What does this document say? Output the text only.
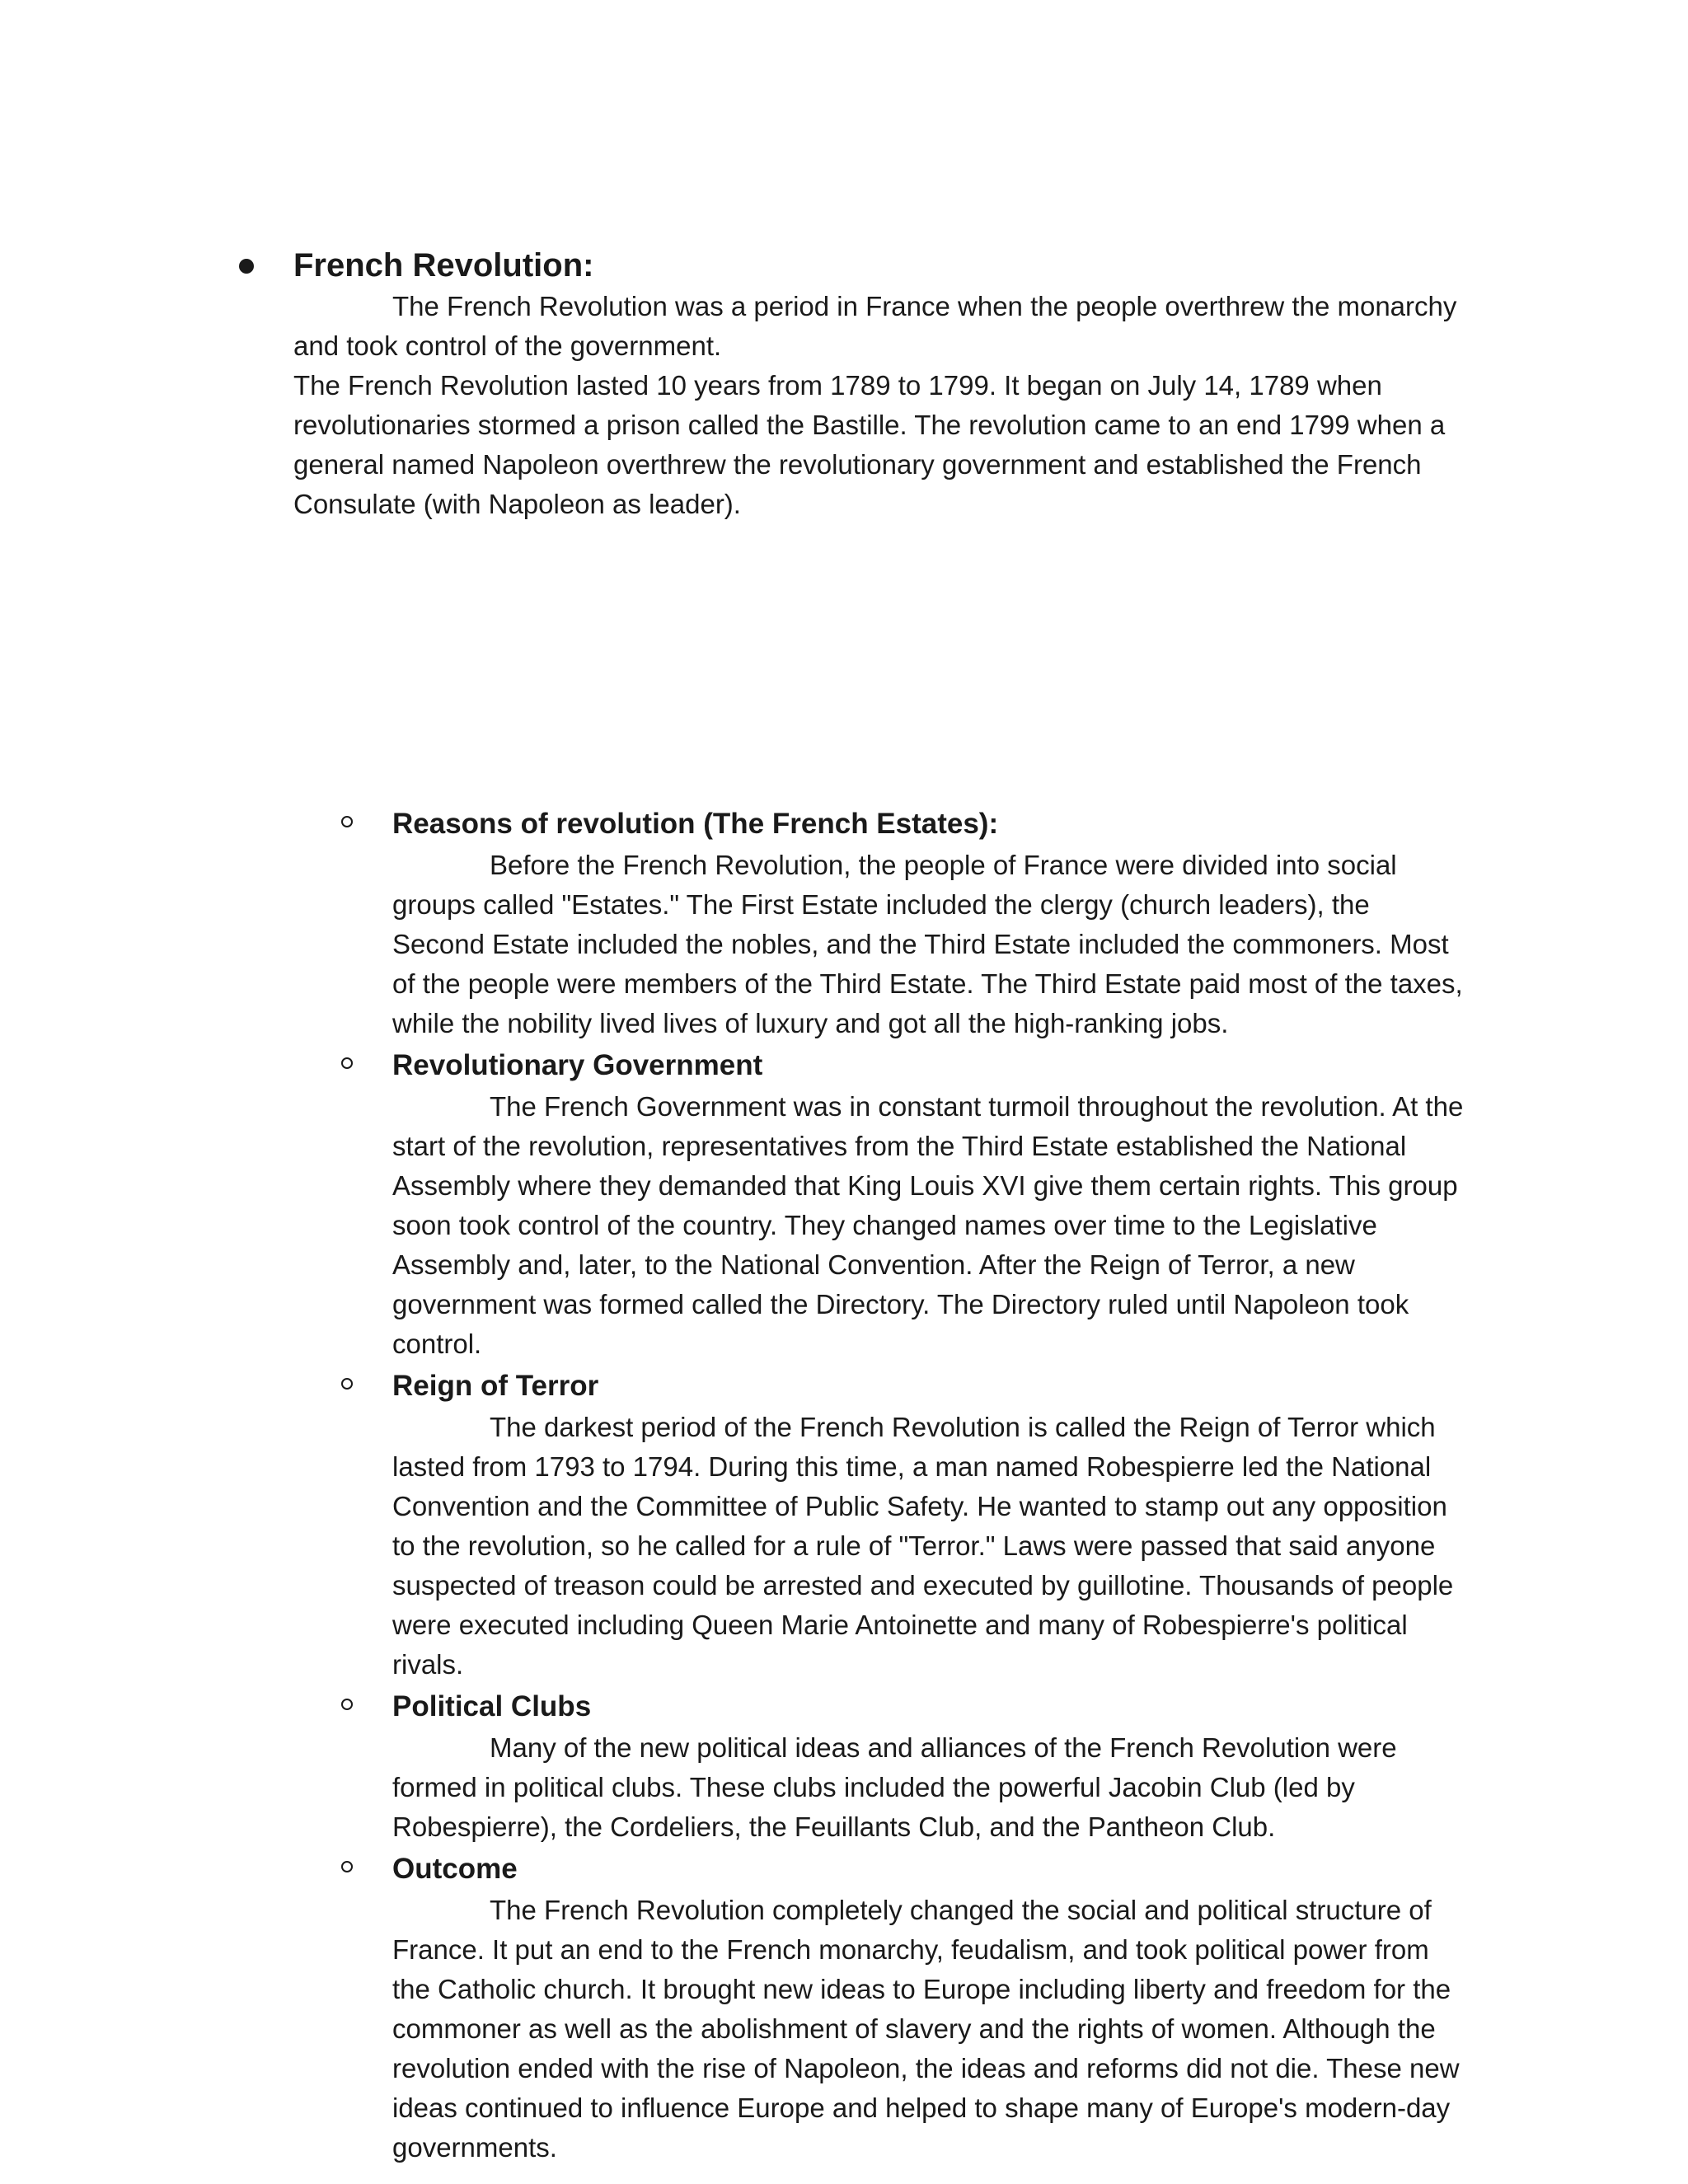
French Revolution:

The French Revolution was a period in France when the people overthrew the monarchy and took control of the government.

The French Revolution lasted 10 years from 1789 to 1799. It began on July 14, 1789 when revolutionaries stormed a prison called the Bastille. The revolution came to an end 1799 when a general named Napoleon overthrew the revolutionary government and established the French Consulate (with Napoleon as leader).

Reasons of revolution (The French Estates):

Before the French Revolution, the people of France were divided into social groups called "Estates." The First Estate included the clergy (church leaders), the Second Estate included the nobles, and the Third Estate included the commoners. Most of the people were members of the Third Estate. The Third Estate paid most of the taxes, while the nobility lived lives of luxury and got all the high-ranking jobs.

Revolutionary Government

The French Government was in constant turmoil throughout the revolution. At the start of the revolution, representatives from the Third Estate established the National Assembly where they demanded that King Louis XVI give them certain rights. This group soon took control of the country. They changed names over time to the Legislative Assembly and, later, to the National Convention. After the Reign of Terror, a new government was formed called the Directory. The Directory ruled until Napoleon took control.

Reign of Terror

The darkest period of the French Revolution is called the Reign of Terror which lasted from 1793 to 1794. During this time, a man named Robespierre led the National Convention and the Committee of Public Safety. He wanted to stamp out any opposition to the revolution, so he called for a rule of "Terror." Laws were passed that said anyone suspected of treason could be arrested and executed by guillotine. Thousands of people were executed including Queen Marie Antoinette and many of Robespierre's political rivals.

Political Clubs

Many of the new political ideas and alliances of the French Revolution were formed in political clubs. These clubs included the powerful Jacobin Club (led by Robespierre), the Cordeliers, the Feuillants Club, and the Pantheon Club.

Outcome

The French Revolution completely changed the social and political structure of France. It put an end to the French monarchy, feudalism, and took political power from the Catholic church. It brought new ideas to Europe including liberty and freedom for the commoner as well as the abolishment of slavery and the rights of women. Although the revolution ended with the rise of Napoleon, the ideas and reforms did not die. These new ideas continued to influence Europe and helped to shape many of Europe's modern-day governments.
